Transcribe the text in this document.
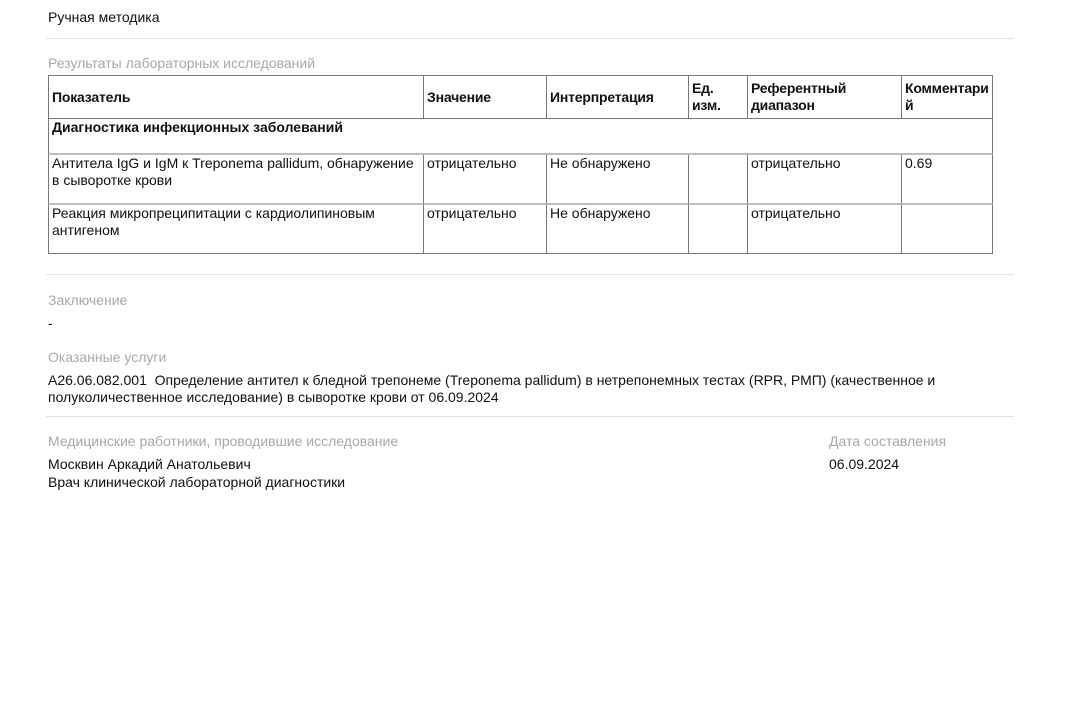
Ручная методика
Результаты лабораторных исследований
Показатель	Значение	Интерпретация	Ед. изм.	Референтный диапазон	Комментарий
Диагностика инфекционных заболеваний					
Антитела IgG и IgM к Treponema pallidum, обнаружение в сыворотке крови	отрицательно	Не обнаружено		отрицательно	0.69
Реакция микропреципитации с кардиолипиновым антигеном	отрицательно	Не обнаружено		отрицательно	
Заключение
-
Оказанные услуги
А26.06.082.001  Определение антител к бледной трепонеме (Treponema pallidum) в нетрепонемных тестах (RPR, РМП) (качественное и полуколичественное исследование) в сыворотке крови от 06.09.2024
Медицинские работники, проводившие исследование
Москвин Аркадий Анатольевич
Врач клинической лабораторной диагностики
Дата составления
06.09.2024
